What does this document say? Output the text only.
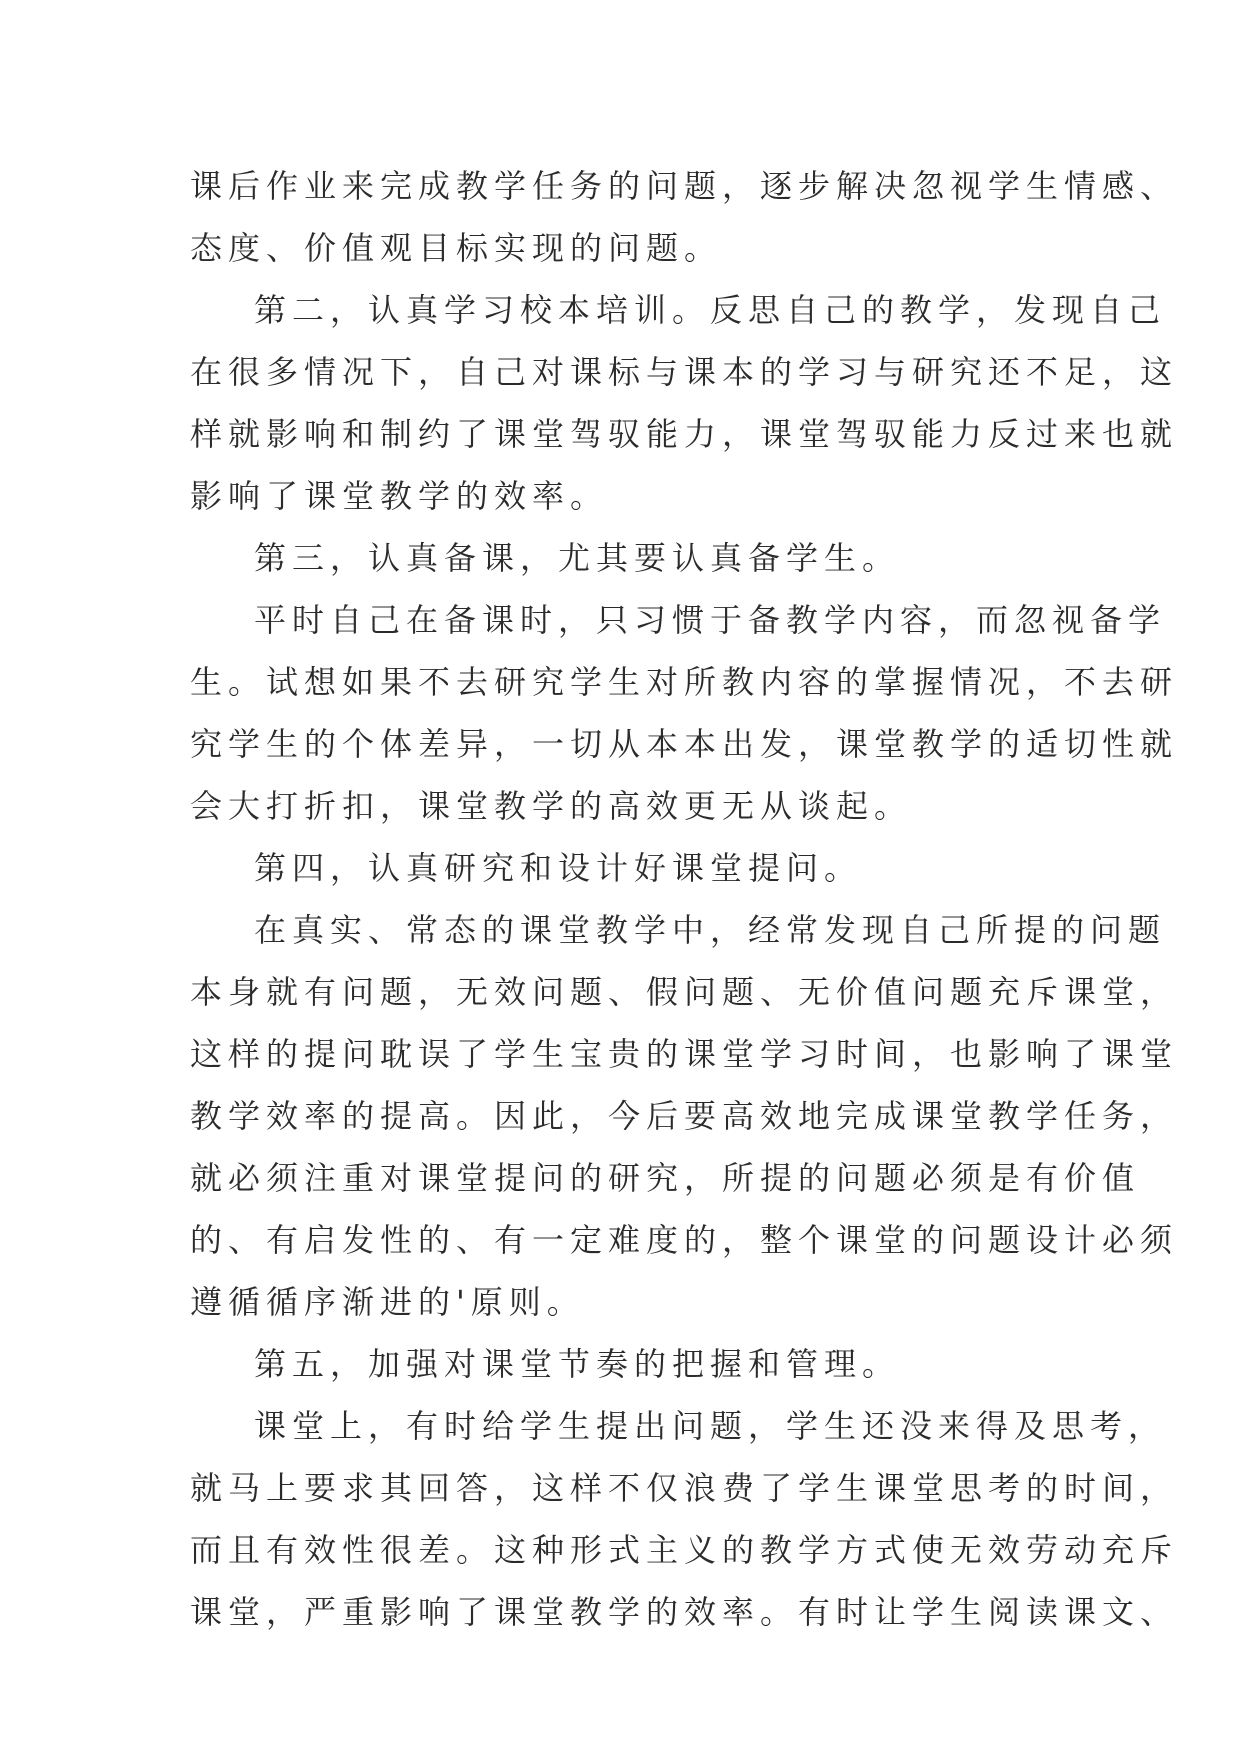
课后作业来完成教学任务的问题，逐步解决忽视学生情感、
态度、价值观目标实现的问题。
第二，认真学习校本培训。反思自己的教学，发现自己
在很多情况下，自己对课标与课本的学习与研究还不足，这
样就影响和制约了课堂驾驭能力，课堂驾驭能力反过来也就
影响了课堂教学的效率。
第三，认真备课，尤其要认真备学生。
平时自己在备课时，只习惯于备教学内容，而忽视备学
生。试想如果不去研究学生对所教内容的掌握情况，不去研
究学生的个体差异，一切从本本出发，课堂教学的适切性就
会大打折扣，课堂教学的高效更无从谈起。
第四，认真研究和设计好课堂提问。
在真实、常态的课堂教学中，经常发现自己所提的问题
本身就有问题，无效问题、假问题、无价值问题充斥课堂，
这样的提问耽误了学生宝贵的课堂学习时间，也影响了课堂
教学效率的提高。因此，今后要高效地完成课堂教学任务，
就必须注重对课堂提问的研究，所提的问题必须是有价值
的、有启发性的、有一定难度的，整个课堂的问题设计必须
遵循循序渐进的'原则。
第五，加强对课堂节奏的把握和管理。
课堂上，有时给学生提出问题，学生还没来得及思考，
就马上要求其回答，这样不仅浪费了学生课堂思考的时间，
而且有效性很差。这种形式主义的教学方式使无效劳动充斥
课堂，严重影响了课堂教学的效率。有时让学生阅读课文、
